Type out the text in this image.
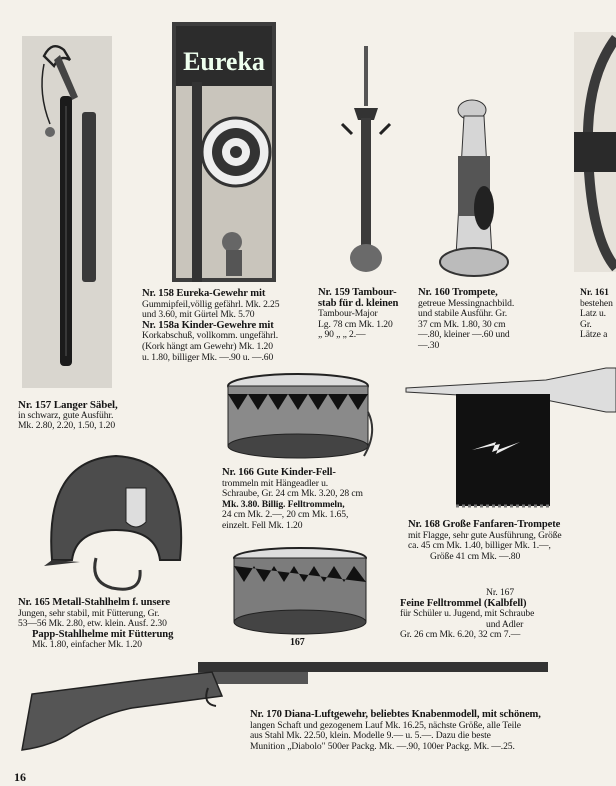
Eureka
Nr. 157 Langer Säbel,
in schwarz, gute Ausführ.
Mk. 2.80, 2.20, 1.50, 1.20
Nr. 158 Eureka-Gewehr mit
Gummipfeil,völlig gefährl. Mk. 2.25
und 3.60, mit Gürtel Mk. 5.70
Nr. 158a Kinder-Gewehre mit
Korkabschuß, vollkomm. ungefährl.
(Kork hängt am Gewehr) Mk. 1.20
u. 1.80, billiger Mk. —.90 u. —.60
Nr. 159 Tambour-
stab für d. kleinen
Tambour-Major
Lg. 78 cm Mk. 1.20
„ 90 „ „ 2.—
Nr. 160 Trompete,
getreue Messingnachbild.
und stabile Ausführ. Gr.
37 cm Mk. 1.80, 30 cm
—.80, kleiner —.60 und
—.30
Nr. 161
bestehen
Latz u.
Gr.
Lätze a
Nr. 166 Gute Kinder-Fell-
trommeln mit Hängeadler u.
Schraube, Gr. 24 cm Mk. 3.20, 28 cm
Mk. 3.80. Billig. Felltrommeln,
24 cm Mk. 2.—, 20 cm Mk. 1.65,
einzelt. Fell Mk. 1.20	Nr. 168 Große Fanfaren-Trompete
mit Flagge, sehr gute Ausführung, Größe
ca. 45 cm Mk. 1.40, billiger Mk. 1.—,
Größe 41 cm Mk. —.80
Nr. 165 Metall-Stahlhelm f. unsere
Jungen, sehr stabil, mit Fütterung, Gr.
53—56 Mk. 2.80, etw. klein. Ausf. 2.30
Papp-Stahlhelme mit Fütterung
Mk. 1.80, einfacher Mk. 1.20	167
Nr. 167
Feine Felltrommel (Kalbfell)
für Schüler u. Jugend, mit Schraube
und Adler
Gr. 26 cm Mk. 6.20, 32 cm 7.—
Nr. 170 Diana-Luftgewehr, beliebtes Knabenmodell, mit schönem,
langen Schaft und gezogenem Lauf Mk. 16.25, nächste Größe, alle Teile
aus Stahl Mk. 22.50, klein. Modelle 9.— u. 5.—. Dazu die beste
Munition „Diabolo" 500er Packg. Mk. —.90, 100er Packg. Mk. —.25.
16
